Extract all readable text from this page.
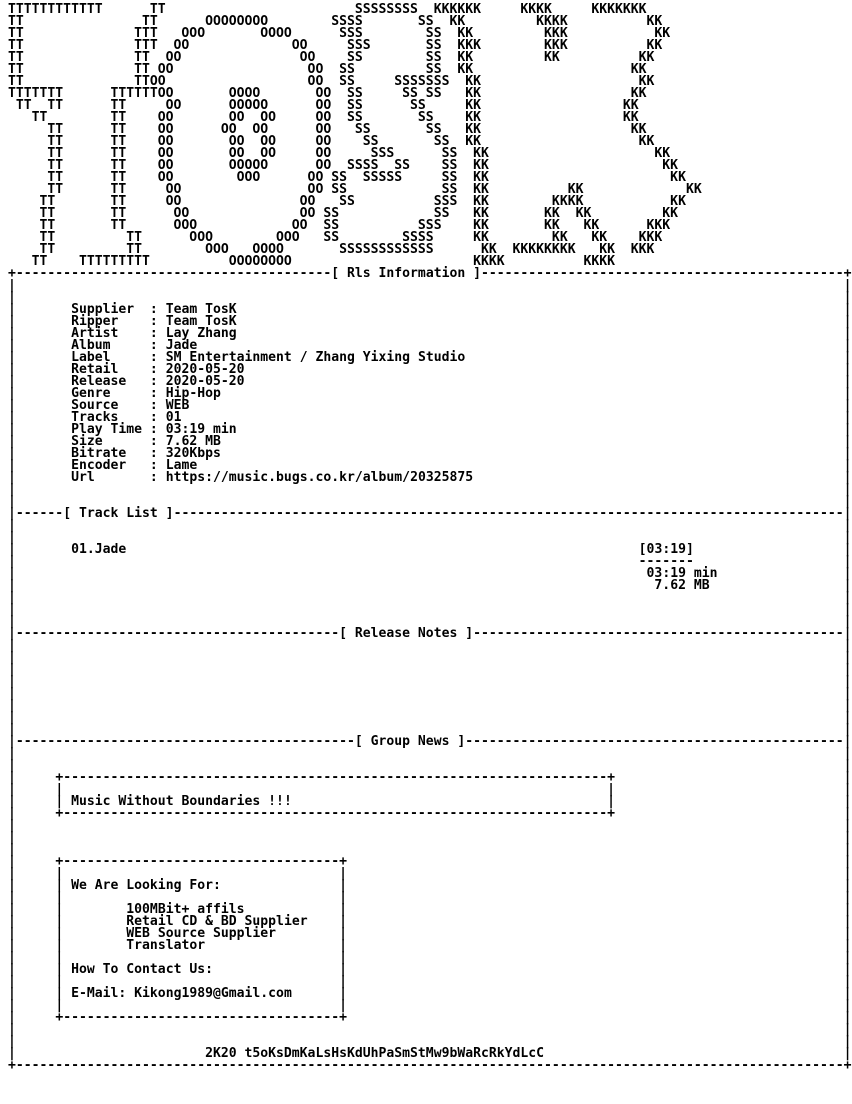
TTTTTTTTTTTT      TT                        SSSSSSSS  KKKKKK     KKKK     KKKKKKK
TT               TT      OOOOOOOO        SSSS       SS  KK         KKKK          KK
TT              TTT   OOO       OOOO      SSS        SS  KK         KKK           KK
TT              TTT  OO             OO     SSS       SS  KKK        KKK          KK
TT              TT  OO               OO    SS        SS  KK         KK          KK
TT              TT OO                 OO  SS         SS  KK                    KK
TT              TTOO                  OO  SS     SSSSSSS  KK                    KK
TTTTTTT      TTTTTTOO       OOOO       OO  SS     SS SS   KK                   KK
TT  TT      TT     OO      OOOOO      OO  SS      SS     KK                  KK
TT        TT    OO       OO  OO     OO  SS       SS    KK                  KK
TT      TT    OO      OO  OO      OO   SS       SS   KK                   KK
TT      TT    OO       OO  OO     OO    SS       SS  KK                    KK
TT      TT    OO       OO  OO     OO     SSS      SS  KK                     KK
TT      TT    OO       OOOOO      OO  SSSS  SS    SS  KK                      KK
TT      TT    OO        OOO      OO SS  SSSSS     SS  KK                       KK
TT      TT     OO                OO SS            SS  KK          KK             KK
TT       TT     OO               OO   SS          SSS  KK        KKKK           KK
TT       TT      OO              OO SS            SS   KK       KK  KK         KK
TT       TT      OOO            OO  SS          SSS    KK       KK   KK      KKK
TT         TT      OOO        OOO   SS        SSSS     KK        KK   KK    KKK
TT         TT        OOO   OOOO       SSSSSSSSSSSS      KK  KKKKKKKK   KK  KKK
TT    TTTTTTTTT          OOOOOOOO                       KKKK          KKKK
+----------------------------------------[ Rls Information ]----------------------------------------------+
|                                                                                                         |
|                                                                                                         |
|       Supplier  : Team TosK	|
|       Ripper    : Team TosK	|
|       Artist    : Lay Zhang	|
|       Album     : Jade	|
|       Label     : SM Entertainment / Zhang Yixing Studio	|
|       Retail    : 2020-05-20	|
|       Release   : 2020-05-20	|
|       Genre     : Hip-Hop	|
|       Source    : WEB	|
|       Tracks    : 01	|
|       Play Time : 03:19 min	|
|       Size      : 7.62 MB	|
|       Bitrate   : 320Kbps	|
|       Encoder   : Lame	|
|       Url       : https://music.bugs.co.kr/album/20325875	|
|                                                                                                         |
|                                                                                                         |
|------[ Track List ]-------------------------------------------------------------------------------------|
|                                                                                                         |
|                                                                                                         |
|       01.Jade	[03:19]	|
|                                                                               -------	|
|                                                                                03:19 min	|
|                                                                                 7.62 MB	|
|                                                                                                         |
|                                                                                                         |
|                                                                                                         |
|-----------------------------------------[ Release Notes ]-----------------------------------------------|
|                                                                                                         |
|                                                                                                         |
|                                                                                                         |
|                                                                                                         |
|                                                                                                         |
|                                                                                                         |
|                                                                                                         |
|                                                                                                         |
|-------------------------------------------[ Group News ]------------------------------------------------|
|                                                                                                         |
|                                                                                                         |
|     +---------------------------------------------------------------------+	|
|     |                                                                     |	|
|     | Music Without Boundaries !!!                                        |	|
|     +---------------------------------------------------------------------+	|
|                                                                                                         |
|                                                                                                         |
|                                                                                                         |
|     +-----------------------------------+	|
|     |                                   |	|
|     | We Are Looking For:               |	|
|     |                                   |	|
|     |	100MBit+ affils            |	|
|     |	Retail CD & BD Supplier    |	|
|     |	WEB Source Supplier        |	|
|     |	Translator                 |	|
|     |                                   |	|
|     | How To Contact Us:                |	|
|     |                                   |	|
|     | E-Mail: Kikong1989@Gmail.com      |	|
|     |                                   |	|
|     +-----------------------------------+	|
|                                                                                                         |
|                                                                                                         |
|                        2K20 t5oKsDmKaLsHsKdUhPaSmStMw9bWaRcRkYdLcC	|
+---------------------------------------------------------------------------------------------------------+
